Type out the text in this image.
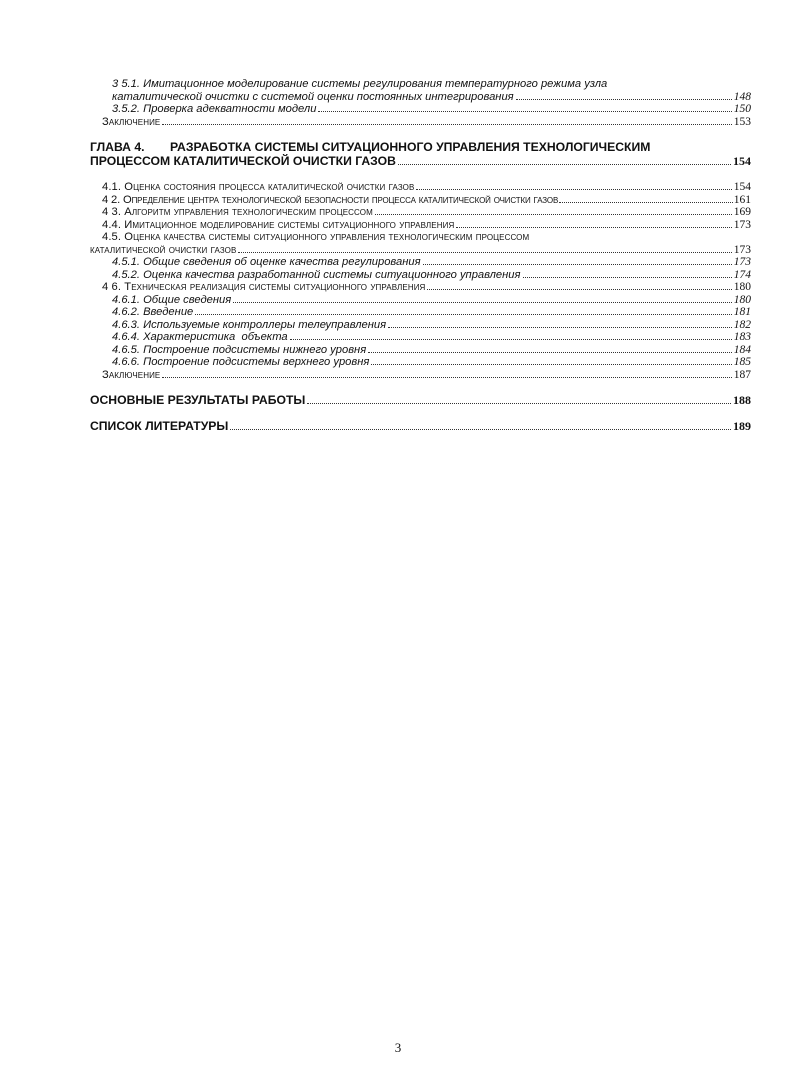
3 5.1. Имитационное моделирование системы регулирования температурного режима узла
каталитической очистки с системой оценки постоянных интегрирования	148
3.5.2. Проверка адекватности модели	150
Заключение	153
ГЛАВА 4. РАЗРАБОТКА СИСТЕМЫ СИТУАЦИОННОГО УПРАВЛЕНИЯ ТЕХНОЛОГИЧЕСКИМ
ПРОЦЕССОМ КАТАЛИТИЧЕСКОЙ ОЧИСТКИ ГАЗОВ	154
4.1. Оценка состояния процесса каталитической очистки газов	154
4 2. Определение центра технологической безопасности процесса каталитической очистки газов	161
4 3. Алгоритм управления технологическим процессом	169
4.4. Имитационное моделирование системы ситуационного управления	173
4.5. Оценка качества системы ситуационного управления технологическим процессом
каталитической очистки газов	173
4.5.1. Общие сведения об оценке качества регулирования	173
4.5.2. Оценка качества разработанной системы ситуационного управления	174
4 6. Техническая реализация системы ситуационного управления	180
4.6.1. Общие сведения	180
4.6.2. Введение	181
4.6.3. Используемые контроллеры телеуправления	182
4.6.4. Характеристика  объекта	183
4.6.5. Построение подсистемы нижнего уровня	184
4.6.6. Построение подсистемы верхнего уровня	185
Заключение	187
ОСНОВНЫЕ РЕЗУЛЬТАТЫ РАБОТЫ	188
СПИСОК ЛИТЕРАТУРЫ	189
3
